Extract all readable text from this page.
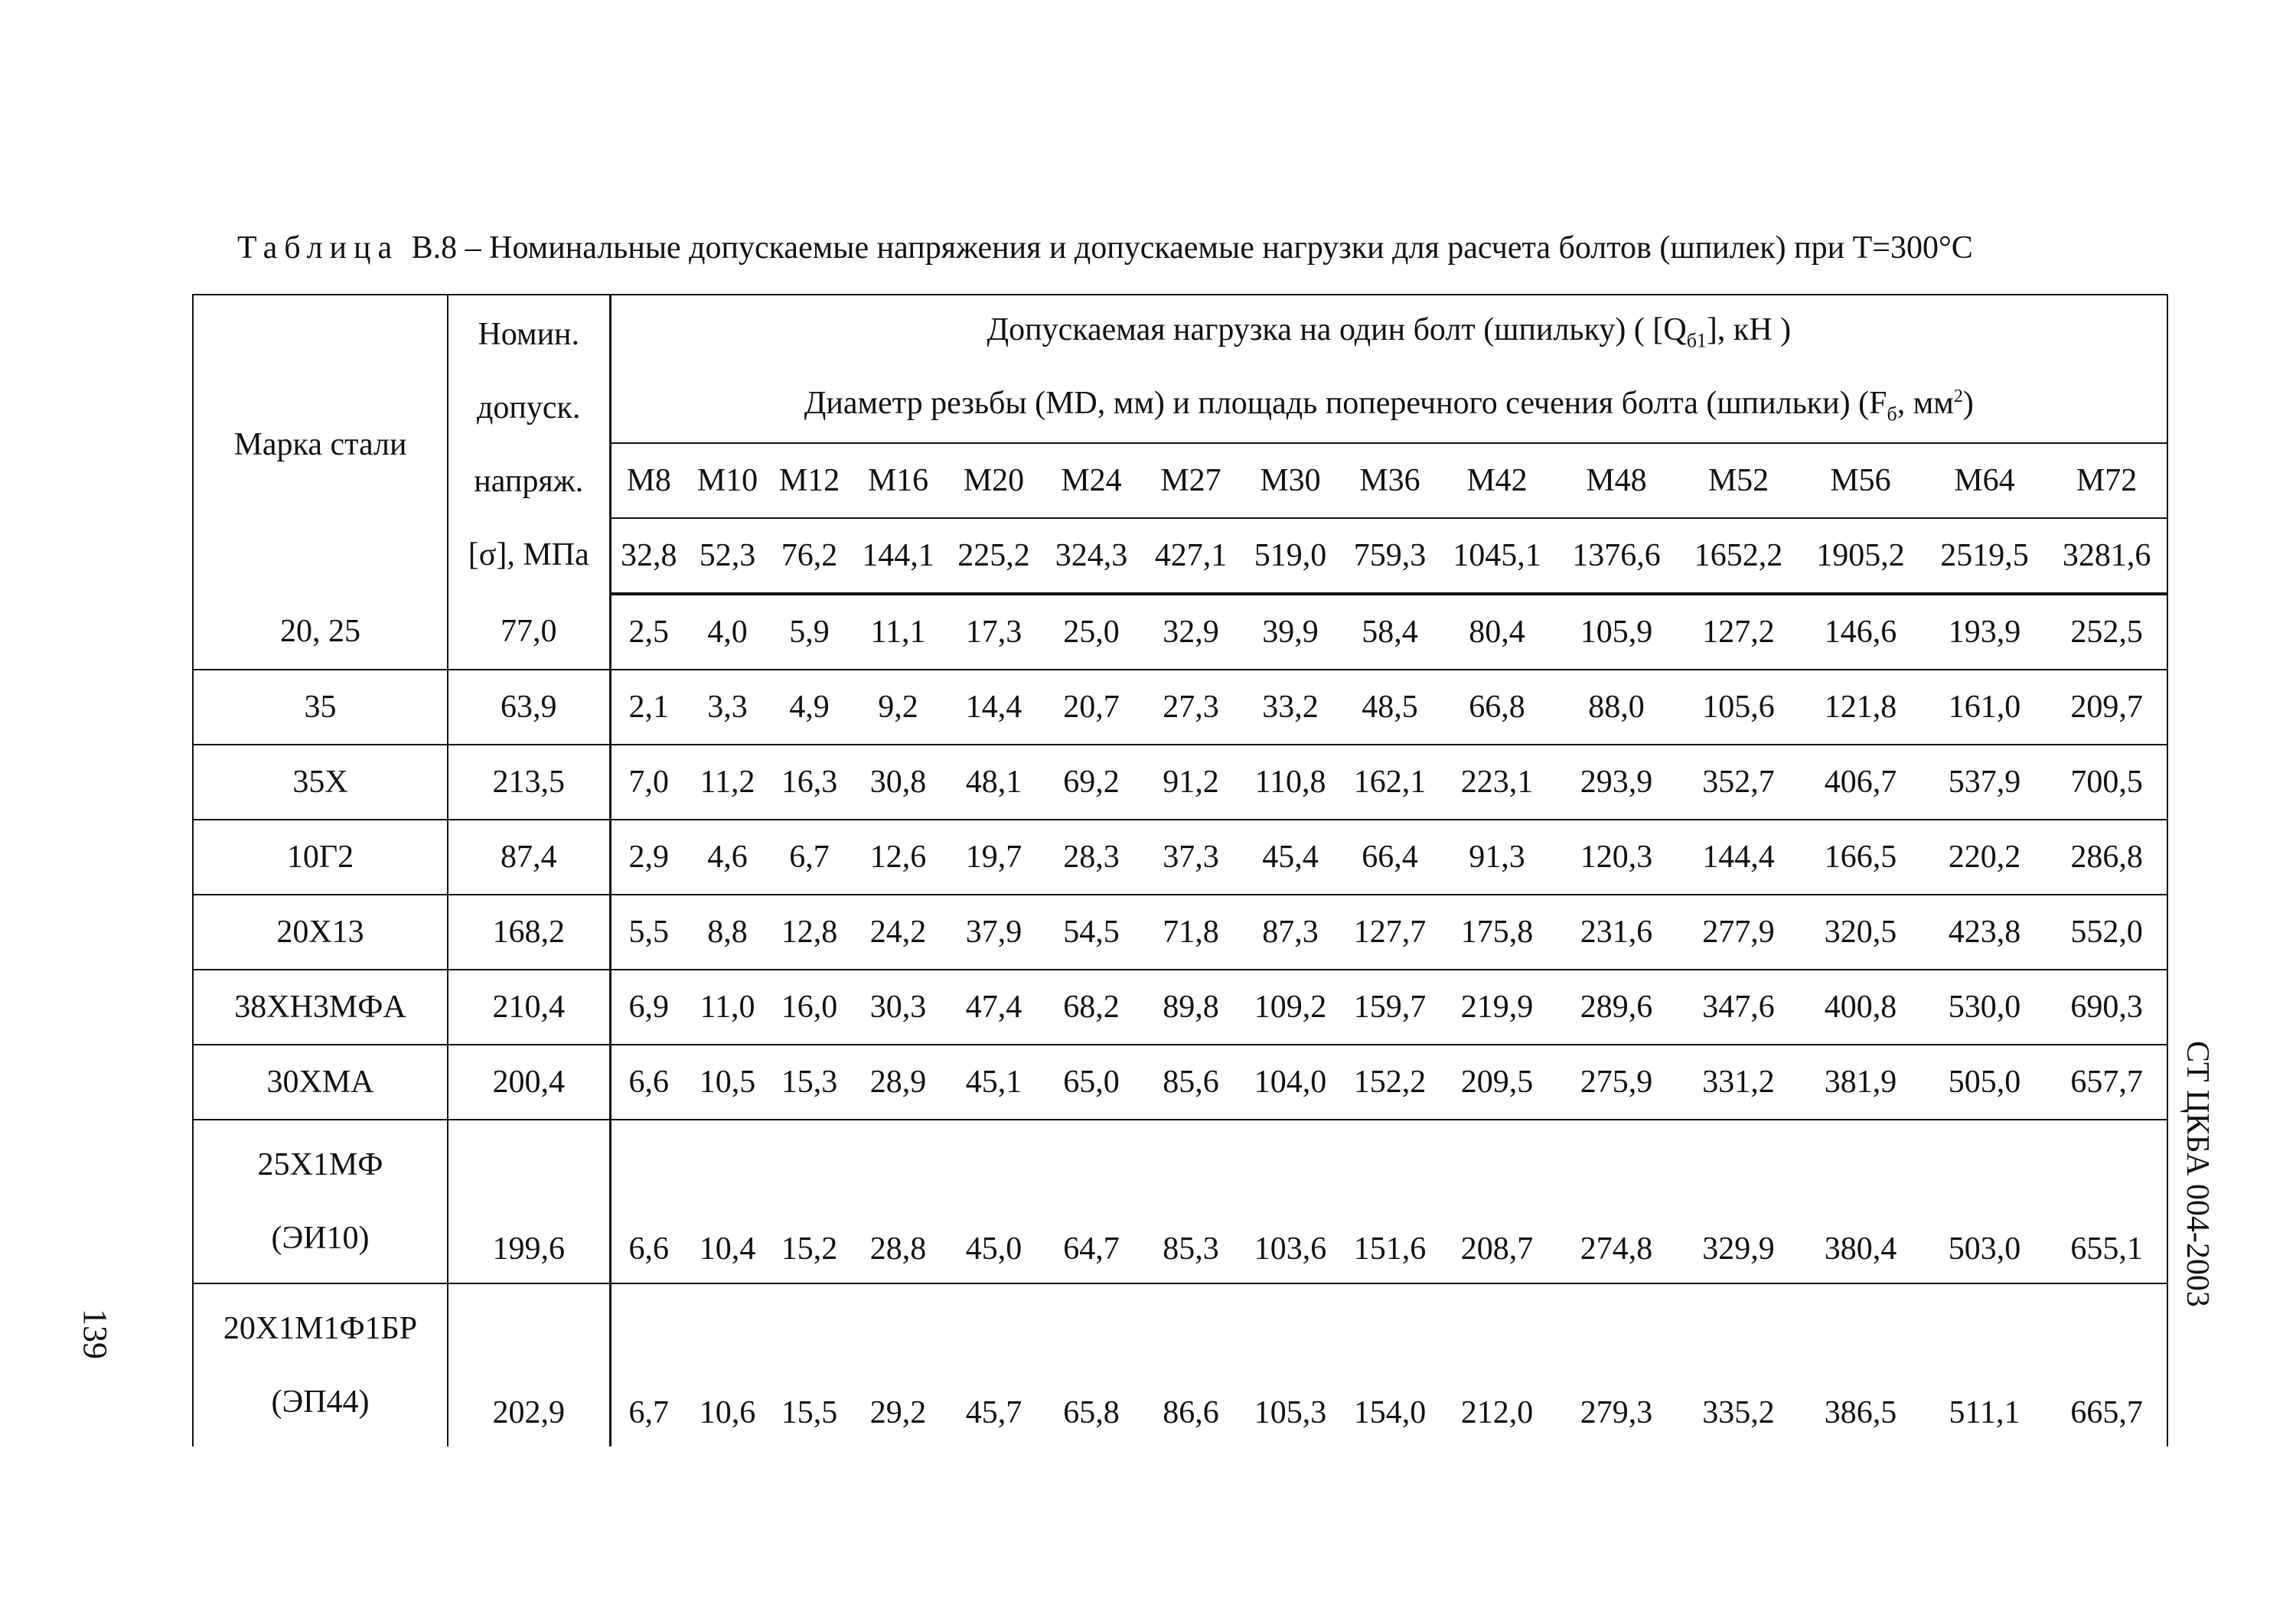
Таблица В.8 – Номинальные допускаемые напряжения и допускаемые нагрузки для расчета болтов (шпилек) при Т=300°С
Марка стали	Номин.
допуск.
напряж.
[σ], МПа	Допускаемая нагрузка на один болт (шпильку) ( $[Q_{б1}]$, кН )														
		Диаметр резьбы (MD, мм) и площадь поперечного сечения болта (шпильки) ($F_б$, $мм^2$)														
		M8	M10	M12	M16	M20	M24	M27	M30	M36	M42	M48	M52	M56	M64	M72
		32,8	52,3	76,2	144,1	225,2	324,3	427,1	519,0	759,3	1045,1	1376,6	1652,2	1905,2	2519,5	3281,6
20, 25	77,0	2,5	4,0	5,9	11,1	17,3	25,0	32,9	39,9	58,4	80,4	105,9	127,2	146,6	193,9	252,5
35	63,9	2,1	3,3	4,9	9,2	14,4	20,7	27,3	33,2	48,5	66,8	88,0	105,6	121,8	161,0	209,7
35X	213,5	7,0	11,2	16,3	30,8	48,1	69,2	91,2	110,8	162,1	223,1	293,9	352,7	406,7	537,9	700,5
10Г2	87,4	2,9	4,6	6,7	12,6	19,7	28,3	37,3	45,4	66,4	91,3	120,3	144,4	166,5	220,2	286,8
20X13	168,2	5,5	8,8	12,8	24,2	37,9	54,5	71,8	87,3	127,7	175,8	231,6	277,9	320,5	423,8	552,0
38XH3MФA	210,4	6,9	11,0	16,0	30,3	47,4	68,2	89,8	109,2	159,7	219,9	289,6	347,6	400,8	530,0	690,3
30XMA	200,4	6,6	10,5	15,3	28,9	45,1	65,0	85,6	104,0	152,2	209,5	275,9	331,2	381,9	505,0	657,7

25X1MФ
(ЭИ10)	199,6	6,6	10,4	15,2	28,8	45,0	64,7	85,3	103,6	151,6	208,7	274,8	329,9	380,4	503,0	655,1

20X1M1Ф1БР
(ЭП44)	202,9	6,7	10,6	15,5	29,2	45,7	65,8	86,6	105,3	154,0	212,0	279,3	335,2	386,5	511,1	665,7
139
СТ ЦКБА 004-2003
